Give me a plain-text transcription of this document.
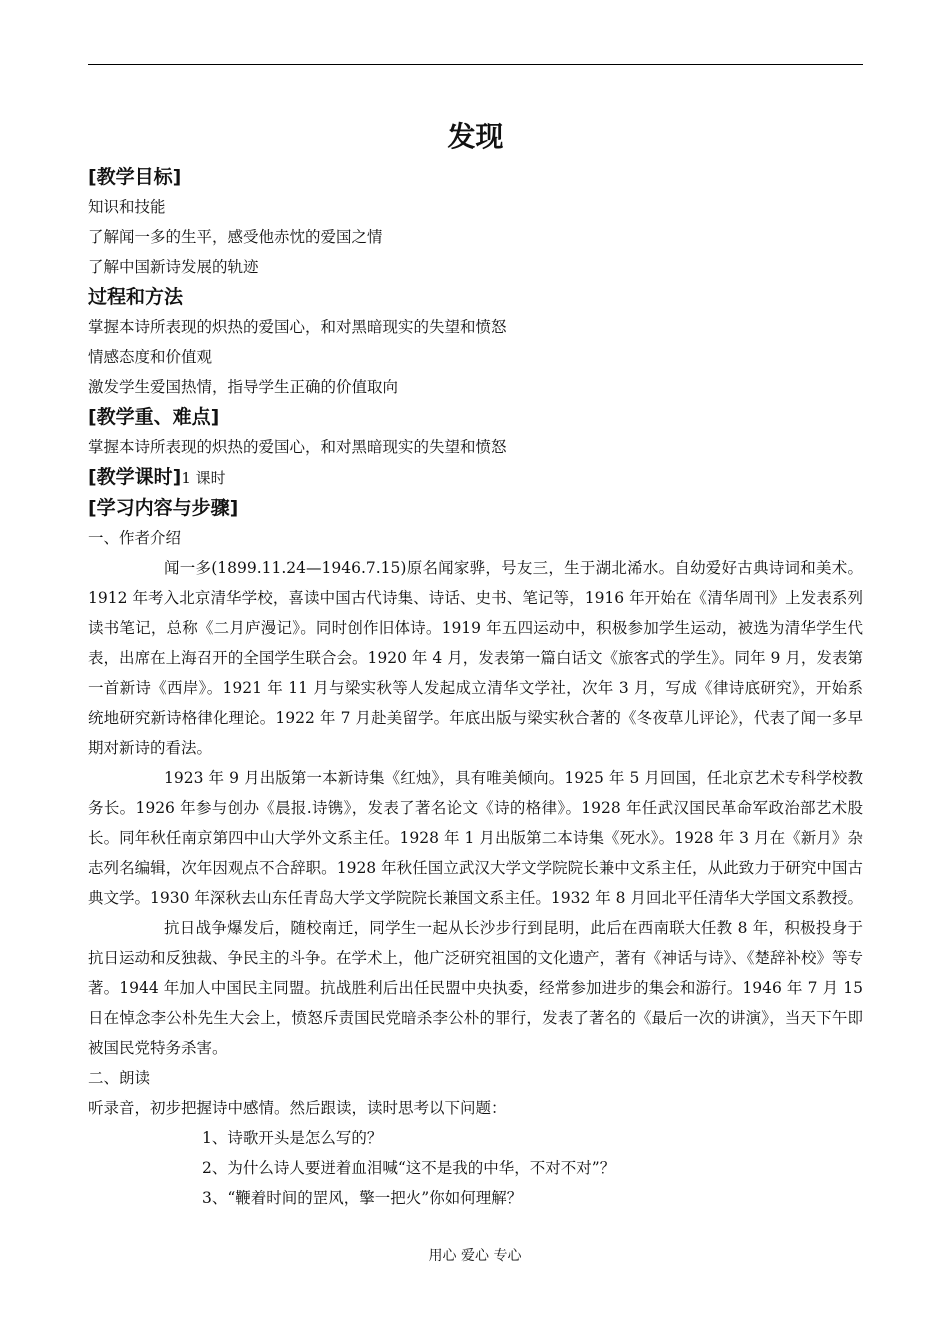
发现

[教学目标]

知识和技能

了解闻一多的生平，感受他赤忱的爱国之情

了解中国新诗发展的轨迹

过程和方法

掌握本诗所表现的炽热的爱国心，和对黑暗现实的失望和愤怒

情感态度和价值观

激发学生爱国热情，指导学生正确的价值取向

[教学重、难点]

掌握本诗所表现的炽热的爱国心，和对黑暗现实的失望和愤怒

[教学课时]1 课时

[学习内容与步骤]

一、作者介绍

闻一多(1899.11.24—1946.7.15)原名闻家骅，号友三，生于湖北浠水。自幼爱好古典诗词和美术。1912 年考入北京清华学校，喜读中国古代诗集、诗话、史书、笔记等，1916 年开始在《清华周刊》上发表系列读书笔记，总称《二月庐漫记》。同时创作旧体诗。1919 年五四运动中，积极参加学生运动，被选为清华学生代表，出席在上海召开的全国学生联合会。1920 年 4 月，发表第一篇白话文《旅客式的学生》。同年 9 月，发表第一首新诗《西岸》。1921 年 11 月与梁实秋等人发起成立清华文学社，次年 3 月，写成《律诗底研究》，开始系统地研究新诗格律化理论。1922 年 7 月赴美留学。年底出版与梁实秋合著的《冬夜草儿评论》，代表了闻一多早期对新诗的看法。

1923 年 9 月出版第一本新诗集《红烛》，具有唯美倾向。1925 年 5 月回国，任北京艺术专科学校教务长。1926 年参与创办《晨报.诗镌》，发表了著名论文《诗的格律》。1928 年任武汉国民革命军政治部艺术股长。同年秋任南京第四中山大学外文系主任。1928 年 1 月出版第二本诗集《死水》。1928 年 3 月在《新月》杂志列名编辑，次年因观点不合辞职。1928 年秋任国立武汉大学文学院院长兼中文系主任，从此致力于研究中国古典文学。1930 年深秋去山东任青岛大学文学院院长兼国文系主任。1932 年 8 月回北平任清华大学国文系教授。

抗日战争爆发后，随校南迁，同学生一起从长沙步行到昆明，此后在西南联大任教 8 年，积极投身于抗日运动和反独裁、争民主的斗争。在学术上，他广泛研究祖国的文化遗产，著有《神话与诗》、《楚辞补校》等专著。1944 年加人中国民主同盟。抗战胜利后出任民盟中央执委，经常参加进步的集会和游行。1946 年 7 月 15 日在悼念李公朴先生大会上，愤怒斥责国民党暗杀李公朴的罪行，发表了著名的《最后一次的讲演》，当天下午即被国民党特务杀害。

二、朗读

听录音，初步把握诗中感情。然后跟读，读时思考以下问题：

1、诗歌开头是怎么写的？

2、为什么诗人要迸着血泪喊“这不是我的中华，不对不对”？

3、“鞭着时间的罡风，擎一把火”你如何理解？

用心 爱心 专心
